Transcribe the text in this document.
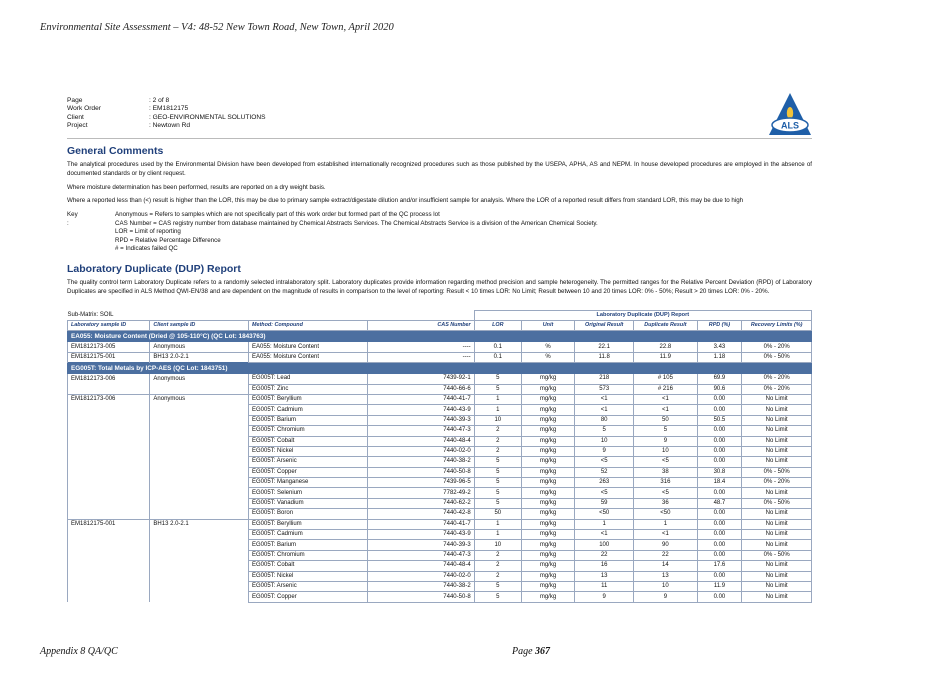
Environmental Site Assessment – V4: 48-52 New Town Road, New Town, April 2020
Page	: 2 of 8
Work Order	: EM1812175
Client	: GEO-ENVIRONMENTAL SOLUTIONS
Project	: Newtown Rd	ALS
General Comments
The analytical procedures used by the Environmental Division have been developed from established internationally recognized procedures such as those published by the USEPA, APHA, AS and NEPM. In house developed procedures are employed in the absence of documented standards or by client request.
Where moisture determination has been performed, results are reported on a dry weight basis.
Where a reported less than (<) result is higher than the LOR, this may be due to primary sample extract/digestate dilution and/or insufficient sample for analysis. Where the LOR of a reported result differs from standard LOR, this may be due to high
Key :
Anonymous = Refers to samples which are not specifically part of this work order but formed part of the QC process lot
CAS Number = CAS registry number from database maintained by Chemical Abstracts Services. The Chemical Abstracts Service is a division of the American Chemical Society.
LOR = Limit of reporting
RPD = Relative Percentage Difference
# = Indicates failed QC
Laboratory Duplicate (DUP) Report
The quality control term Laboratory Duplicate refers to a randomly selected intralaboratory split. Laboratory duplicates provide information regarding method precision and sample heterogeneity. The permitted ranges for the Relative Percent Deviation (RPD) of Laboratory Duplicates are specified in ALS Method QWI-EN/38 and are dependent on the magnitude of results in comparison to the level of reporting: Result < 10 times LOR: No Limit; Result between 10 and 20 times LOR: 0% - 50%; Result > 20 times LOR: 0% - 20%.
Sub-Matrix: SOIL				Laboratory Duplicate (DUP) Report					
Laboratory sample ID	Client sample ID	Method: Compound	CAS Number	LOR	Unit	Original Result	Duplicate Result	RPD (%)	Recovery Limits (%)
EA055: Moisture Content (Dried @ 105-110°C) (QC Lot: 1843763)									
EM1812173-005	Anonymous	EA055: Moisture Content	----	0.1	%	22.1	22.8	3.43	0% - 20%
EM1812175-001	BH13 2.0-2.1	EA055: Moisture Content	----	0.1	%	11.8	11.9	1.18	0% - 50%
EG005T: Total Metals by ICP-AES (QC Lot: 1843751)									
EM1812173-006	Anonymous	EG005T: Lead	7439-92-1	5	mg/kg	218	# 105	69.9	0% - 20%
		EG005T: Zinc	7440-66-6	5	mg/kg	573	# 216	90.6	0% - 20%
EM1812173-006	Anonymous	EG005T: Beryllium	7440-41-7	1	mg/kg	<1	<1	0.00	No Limit
		EG005T: Cadmium	7440-43-9	1	mg/kg	<1	<1	0.00	No Limit
		EG005T: Barium	7440-39-3	10	mg/kg	80	50	50.5	No Limit
		EG005T: Chromium	7440-47-3	2	mg/kg	5	5	0.00	No Limit
		EG005T: Cobalt	7440-48-4	2	mg/kg	10	9	0.00	No Limit
		EG005T: Nickel	7440-02-0	2	mg/kg	9	10	0.00	No Limit
		EG005T: Arsenic	7440-38-2	5	mg/kg	<5	<5	0.00	No Limit
		EG005T: Copper	7440-50-8	5	mg/kg	52	38	30.8	0% - 50%
		EG005T: Manganese	7439-96-5	5	mg/kg	263	316	18.4	0% - 20%
		EG005T: Selenium	7782-49-2	5	mg/kg	<5	<5	0.00	No Limit
		EG005T: Vanadium	7440-62-2	5	mg/kg	59	36	48.7	0% - 50%
		EG005T: Boron	7440-42-8	50	mg/kg	<50	<50	0.00	No Limit
EM1812175-001	BH13 2.0-2.1	EG005T: Beryllium	7440-41-7	1	mg/kg	1	1	0.00	No Limit
		EG005T: Cadmium	7440-43-9	1	mg/kg	<1	<1	0.00	No Limit
		EG005T: Barium	7440-39-3	10	mg/kg	100	90	0.00	No Limit
		EG005T: Chromium	7440-47-3	2	mg/kg	22	22	0.00	0% - 50%
		EG005T: Cobalt	7440-48-4	2	mg/kg	16	14	17.6	No Limit
		EG005T: Nickel	7440-02-0	2	mg/kg	13	13	0.00	No Limit
		EG005T: Arsenic	7440-38-2	5	mg/kg	11	10	11.9	No Limit
		EG005T: Copper	7440-50-8	5	mg/kg	9	9	0.00	No Limit
Appendix 8 QA/QC	Page 367
